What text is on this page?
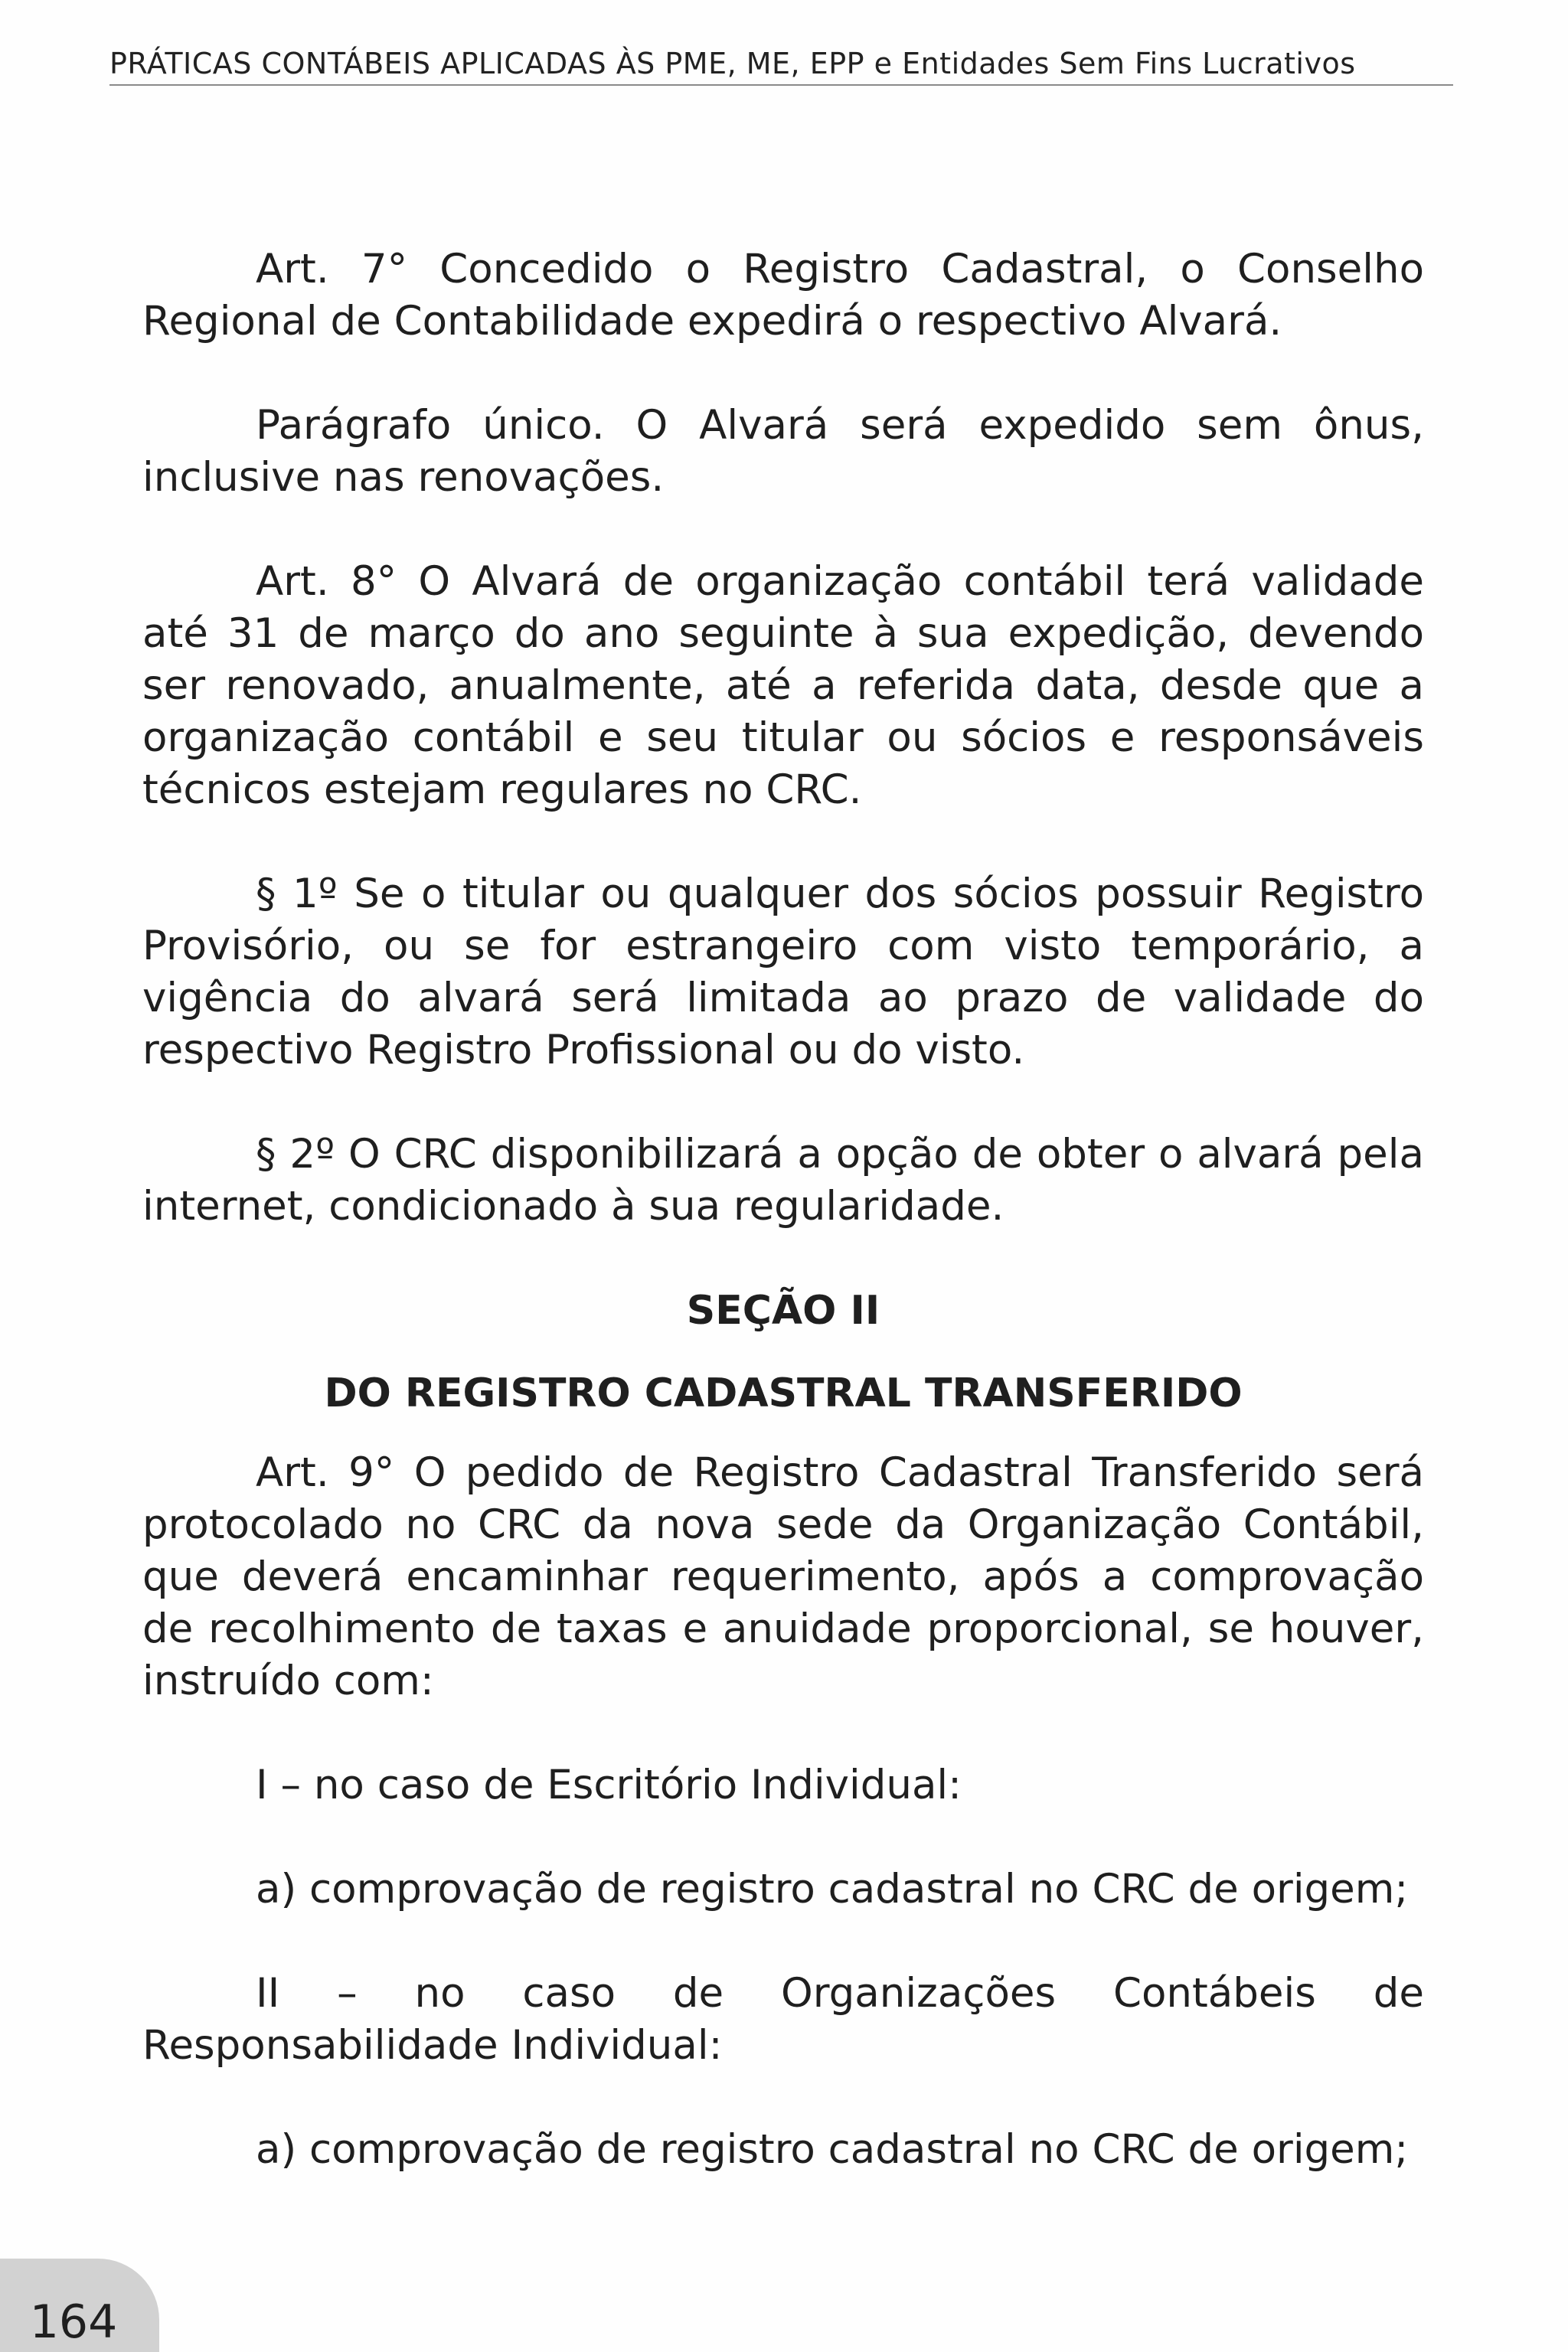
PRÁTICAS CONTÁBEIS APLICADAS ÀS PME, ME, EPP e Entidades Sem Fins Lucrativos

Art. 7° Concedido o Registro Cadastral, o Conselho Regional de Contabilidade expedirá o respectivo Alvará.

Parágrafo único. O Alvará será expedido sem ônus, inclusive nas renovações.

Art. 8° O Alvará de organização contábil terá validade até 31 de março do ano seguinte à sua expedição, devendo ser renovado, anualmente, até a referida data, desde que a organização contábil e seu titular ou sócios e responsáveis técnicos estejam regulares no CRC.

§ 1º Se o titular ou qualquer dos sócios possuir Registro Provisório, ou se for estrangeiro com visto temporário, a vigência do alvará será limitada ao prazo de validade do respectivo Registro Profissional ou do visto.

§ 2º O CRC disponibilizará a opção de obter o alvará pela internet, condicionado à sua regularidade.

SEÇÃO II
DO REGISTRO CADASTRAL TRANSFERIDO

Art. 9° O pedido de Registro Cadastral Transferido será protocolado no CRC da nova sede da Organização Contábil, que deverá encaminhar requerimento, após a comprovação de recolhimento de taxas e anuidade proporcional, se houver, instruído com:

I – no caso de Escritório Individual:

a) comprovação de registro cadastral no CRC de origem;

II – no caso de Organizações Contábeis de Responsabilidade Individual:

a) comprovação de registro cadastral no CRC de origem;

164
